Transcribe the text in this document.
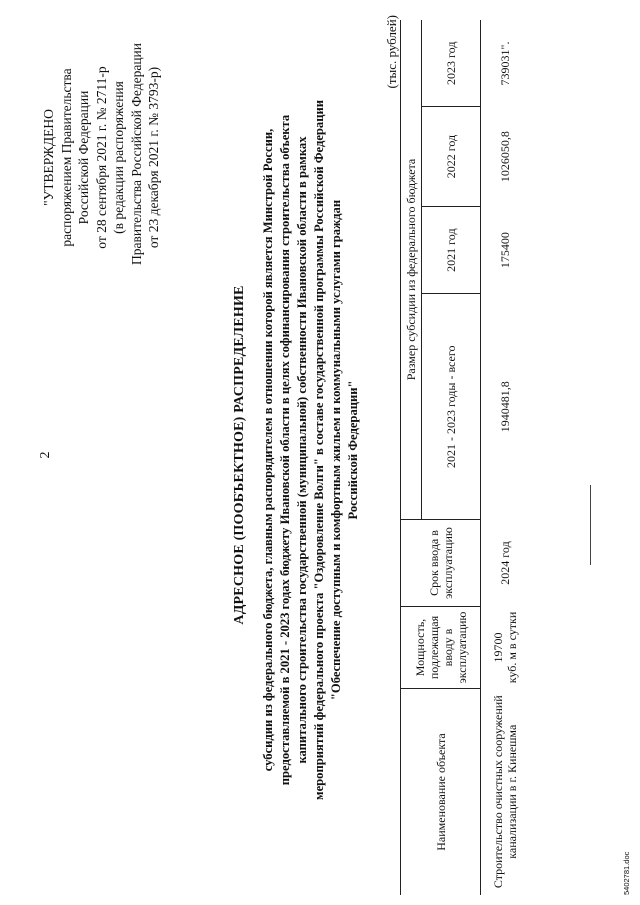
2
"УТВЕРЖДЕНО распоряжением Правительства Российской Федерации от 28 сентября 2021 г. № 2711-р (в редакции распоряжения Правительства Российской Федерации от 23 декабря 2021 г. № 3793-р)
АДРЕСНОЕ (ПООБЪЕКТНОЕ) РАСПРЕДЕЛЕНИЕ субсидии из федерального бюджета, главным распорядителем в отношении которой является Минстрой России, предоставляемой в 2021 - 2023 годах бюджету Ивановской области в целях софинансирования строительства объекта капитального строительства государственной (муниципальной) собственности Ивановской области в рамках мероприятий федерального проекта "Оздоровление Волги" в составе государственной программы Российской Федерации "Обеспечение доступным и комфортным жильем и коммунальными услугами граждан Российской Федерации"
(тыс. рублей)
Наименование объекта	Мощность, подлежащая вводу в эксплуатацию	Срок ввода в эксплуатацию	Размер субсидии из федерального бюджета			
			2021 - 2023 годы - всего	2021 год	2022 год	2023 год
Строительство очистных сооружений канализации в г. Кинешма	19700 куб. м в сутки	2024 год	1940481,8	175400	1026050,8	739031".
5402781.doc
